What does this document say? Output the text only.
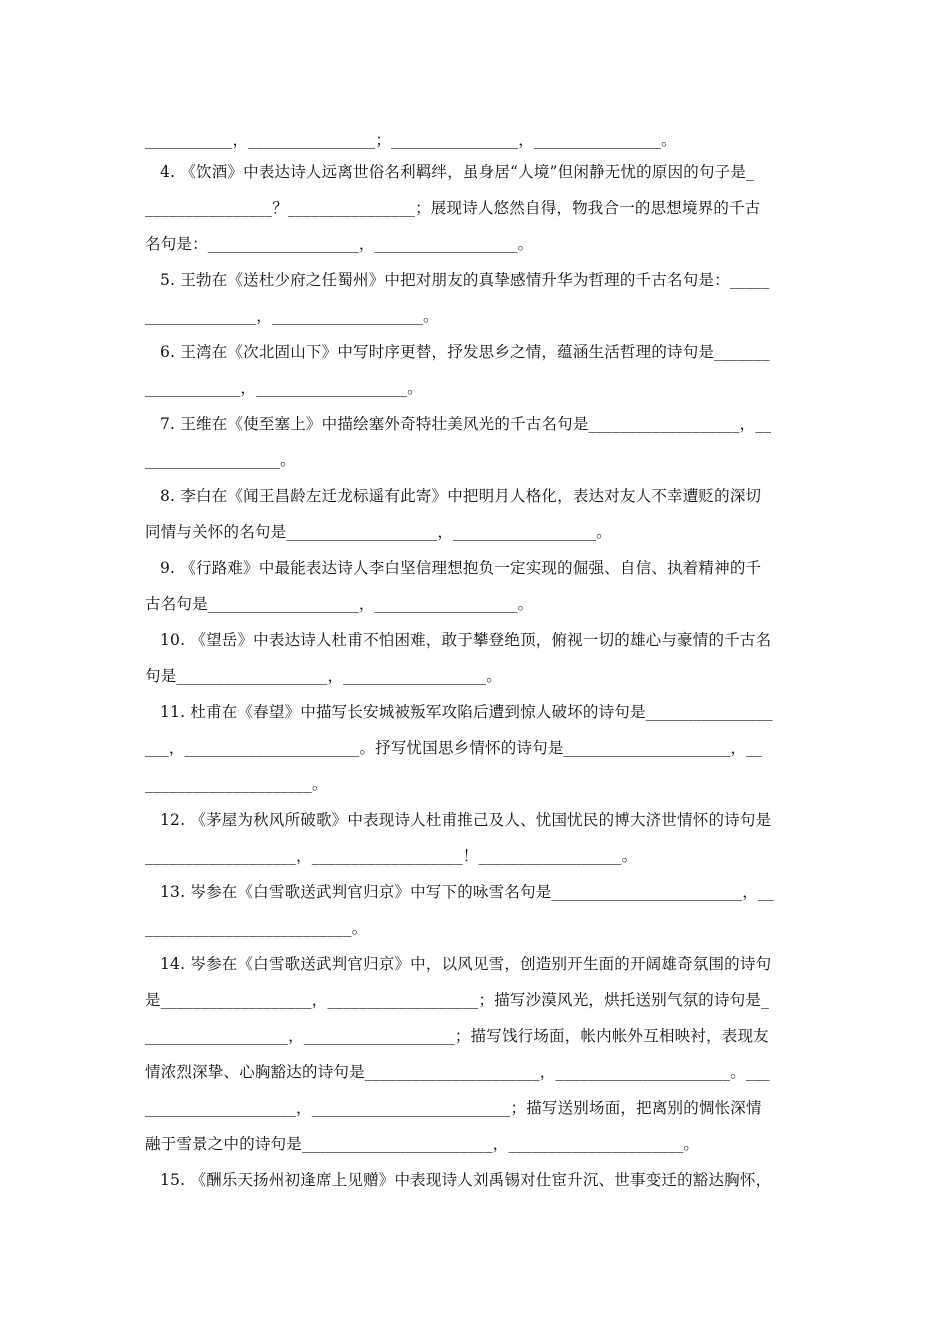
___________，________________；________________，________________。
4. 《饮酒》中表达诗人远离世俗名利羁绊，虽身居“人境”但闲静无忧的原因的句子是_
________________？________________；展现诗人悠然自得，物我合一的思想境界的千古
名句是：___________________，__________________。
5. 王勃在《送杜少府之任蜀州》中把对朋友的真挚感情升华为哲理的千古名句是：_____
______________，___________________。
6. 王湾在《次北固山下》中写时序更替，抒发思乡之情，蕴涵生活哲理的诗句是_______
____________，___________________。
7. 王维在《使至塞上》中描绘塞外奇特壮美风光的千古名句是___________________，__
_________________。
8. 李白在《闻王昌龄左迁龙标遥有此寄》中把明月人格化，表达对友人不幸遭贬的深切
同情与关怀的名句是___________________，__________________。
9. 《行路难》中最能表达诗人李白坚信理想抱负一定实现的倔强、自信、执着精神的千
古名句是___________________，__________________。
10. 《望岳》中表达诗人杜甫不怕困难，敢于攀登绝顶，俯视一切的雄心与豪情的千古名
句是___________________，__________________。
11. 杜甫在《春望》中描写长安城被叛军攻陷后遭到惊人破坏的诗句是________________
___，______________________。抒写忧国思乡情怀的诗句是_____________________，__
_____________________。
12. 《茅屋为秋风所破歌》中表现诗人杜甫推己及人、忧国忧民的博大济世情怀的诗句是
___________________，___________________！__________________。
13. 岑参在《白雪歌送武判官归京》中写下的咏雪名句是________________________，__
__________________________。
14. 岑参在《白雪歌送武判官归京》中，以风见雪，创造别开生面的开阔雄奇氛围的诗句
是___________________，___________________；描写沙漠风光，烘托送别气氛的诗句是_
__________________，___________________；描写饯行场面，帐内帐外互相映衬，表现友
情浓烈深挚、心胸豁达的诗句是______________________，______________________。___
___________________，_________________________；描写送别场面，把离别的惆怅深情
融于雪景之中的诗句是________________________，______________________。
15. 《酬乐天扬州初逢席上见赠》中表现诗人刘禹锡对仕宦升沉、世事变迁的豁达胸怀，
